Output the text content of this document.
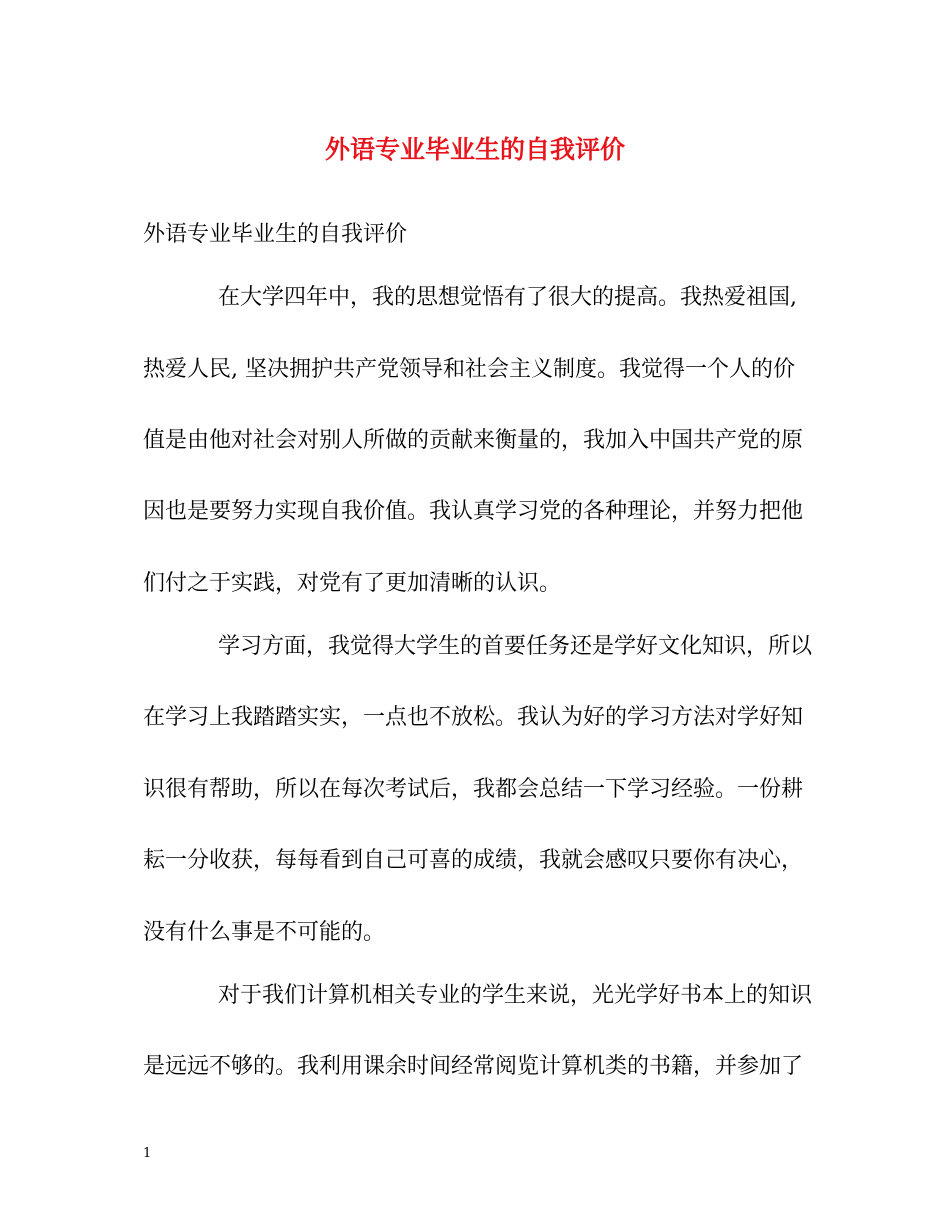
外语专业毕业生的自我评价

外语专业毕业生的自我评价

在大学四年中，我的思想觉悟有了很大的提高。我热爱祖国,

热爱人民, 坚决拥护共产党领导和社会主义制度。我觉得一个人的价

值是由他对社会对别人所做的贡献来衡量的，我加入中国共产党的原

因也是要努力实现自我价值。我认真学习党的各种理论，并努力把他

们付之于实践，对党有了更加清晰的认识。

学习方面，我觉得大学生的首要任务还是学好文化知识，所以

在学习上我踏踏实实，一点也不放松。我认为好的学习方法对学好知

识很有帮助，所以在每次考试后，我都会总结一下学习经验。一份耕

耘一分收获，每每看到自己可喜的成绩，我就会感叹只要你有决心，

没有什么事是不可能的。

对于我们计算机相关专业的学生来说，光光学好书本上的知识

是远远不够的。我利用课余时间经常阅览计算机类的书籍，并参加了

1
